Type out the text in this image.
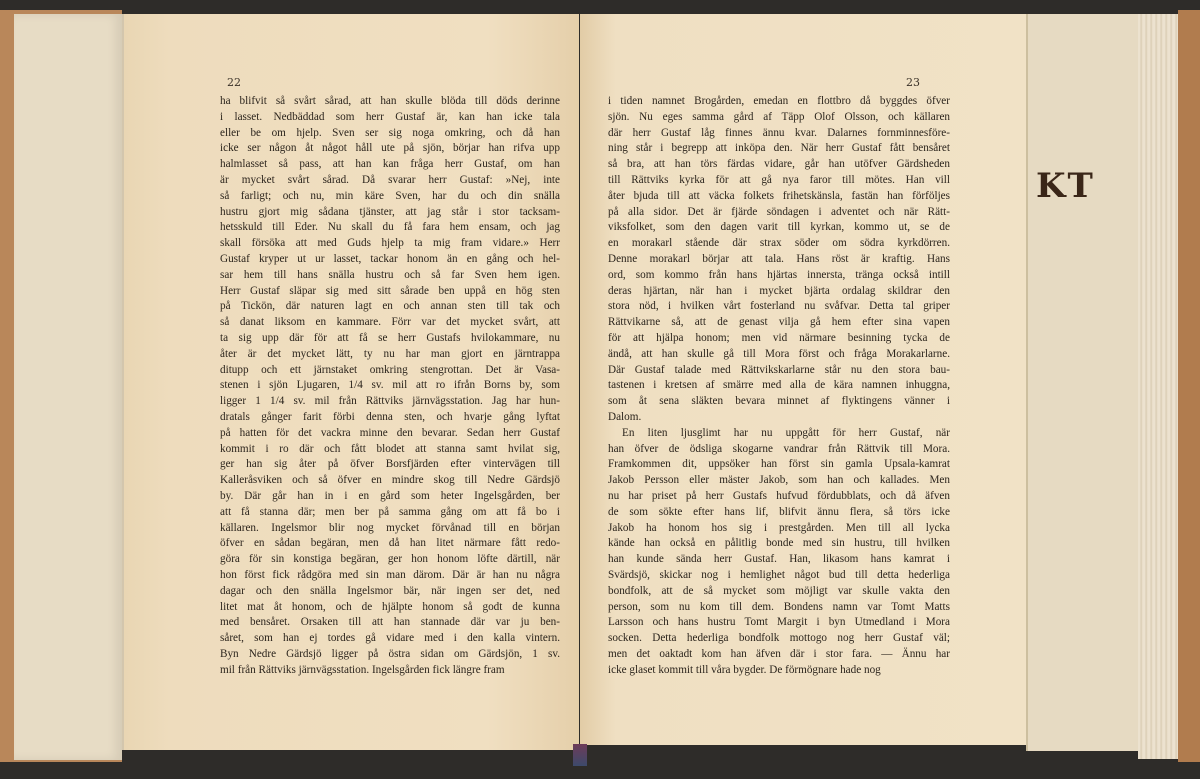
22
ha blifvit så svårt sårad, att han skulle blöda till döds derinne
i lasset. Nedbäddad som herr Gustaf är, kan han icke tala
eller be om hjelp. Sven ser sig noga omkring, och då han
icke ser någon åt något håll ute på sjön, börjar han rifva upp
halmlasset så pass, att han kan fråga herr Gustaf, om han
är mycket svårt sårad. Då svarar herr Gustaf: »Nej, inte
så farligt; och nu, min käre Sven, har du och din snälla
hustru gjort mig sådana tjänster, att jag står i stor tacksam-
hetsskuld till Eder. Nu skall du få fara hem ensam, och jag
skall försöka att med Guds hjelp ta mig fram vidare.» Herr
Gustaf kryper ut ur lasset, tackar honom än en gång och hel-
sar hem till hans snälla hustru och så far Sven hem igen.
Herr Gustaf släpar sig med sitt sårade ben uppå en hög sten
på Tickön, där naturen lagt en och annan sten till tak och
så danat liksom en kammare. Förr var det mycket svårt, att
ta sig upp där för att få se herr Gustafs hvilokammare, nu
åter är det mycket lätt, ty nu har man gjort en järntrappa
ditupp och ett järnstaket omkring stengrottan. Det är Vasa-
stenen i sjön Ljugaren, 1/4 sv. mil att ro ifrån Borns by, som
ligger 1 1/4 sv. mil från Rättviks järnvägsstation. Jag har hun-
dratals gånger farit förbi denna sten, och hvarje gång lyftat
på hatten för det vackra minne den bevarar. Sedan herr Gustaf
kommit i ro där och fått blodet att stanna samt hvilat sig,
ger han sig åter på öfver Borsfjärden efter vintervägen till
Kalleråsviken och så öfver en mindre skog till Nedre Gärdsjö
by. Där går han in i en gård som heter Ingelsgården, ber
att få stanna där; men ber på samma gång om att få bo i
källaren. Ingelsmor blir nog mycket förvånad till en början
öfver en sådan begäran, men då han litet närmare fått redo-
göra för sin konstiga begäran, ger hon honom löfte därtill, när
hon först fick rådgöra med sin man därom. Där är han nu några
dagar och den snälla Ingelsmor bär, när ingen ser det, ned
litet mat åt honom, och de hjälpte honom så godt de kunna
med bensåret. Orsaken till att han stannade där var ju ben-
såret, som han ej tordes gå vidare med i den kalla vintern.
Byn Nedre Gärdsjö ligger på östra sidan om Gärdsjön, 1 sv.
mil från Rättviks järnvägsstation. Ingelsgården fick längre fram
23
i tiden namnet Brogården, emedan en flottbro då byggdes öfver
sjön. Nu eges samma gård af Täpp Olof Olsson, och källaren
där herr Gustaf låg finnes ännu kvar. Dalarnes fornminnesföre-
ning står i begrepp att inköpa den. När herr Gustaf fått bensåret
så bra, att han törs färdas vidare, går han utöfver Gärdsheden
till Rättviks kyrka för att gå nya faror till mötes. Han vill
åter bjuda till att väcka folkets frihetskänsla, fastän han förföljes
på alla sidor. Det är fjärde söndagen i adventet och när Rätt-
viksfolket, som den dagen varit till kyrkan, kommo ut, se de
en morakarl stående där strax söder om södra kyrkdörren.
Denne morakarl börjar att tala. Hans röst är kraftig. Hans
ord, som kommo från hans hjärtas innersta, tränga också intill
deras hjärtan, när han i mycket bjärta ordalag skildrar den
stora nöd, i hvilken vårt fosterland nu svåfvar. Detta tal griper
Rättvikarne så, att de genast vilja gå hem efter sina vapen
för att hjälpa honom; men vid närmare besinning tycka de
ändå, att han skulle gå till Mora först och fråga Morakarlarne.
Där Gustaf talade med Rättvikskarlarne står nu den stora bau-
tastenen i kretsen af smärre med alla de kära namnen inhuggna,
som åt sena släkten bevara minnet af flyktingens vänner i
Dalom.
En liten ljusglimt har nu uppgått för herr Gustaf, när
han öfver de ödsliga skogarne vandrar från Rättvik till Mora.
Framkommen dit, uppsöker han först sin gamla Upsala-kamrat
Jakob Persson eller mäster Jakob, som han och kallades. Men
nu har priset på herr Gustafs hufvud fördubblats, och då äfven
de som sökte efter hans lif, blifvit ännu flera, så törs icke
Jakob ha honom hos sig i prestgården. Men till all lycka
kände han också en pålitlig bonde med sin hustru, till hvilken
han kunde sända herr Gustaf. Han, likasom hans kamrat i
Svärdsjö, skickar nog i hemlighet något bud till detta hederliga
bondfolk, att de så mycket som möjligt var skulle vakta den
person, som nu kom till dem. Bondens namn var Tomt Matts
Larsson och hans hustru Tomt Margit i byn Utmedland i Mora
socken. Detta hederliga bondfolk mottogo nog herr Gustaf väl;
men det oaktadt kom han äfven där i stor fara. — Ännu har
icke glaset kommit till våra bygder. De förmögnare hade nog
KT
